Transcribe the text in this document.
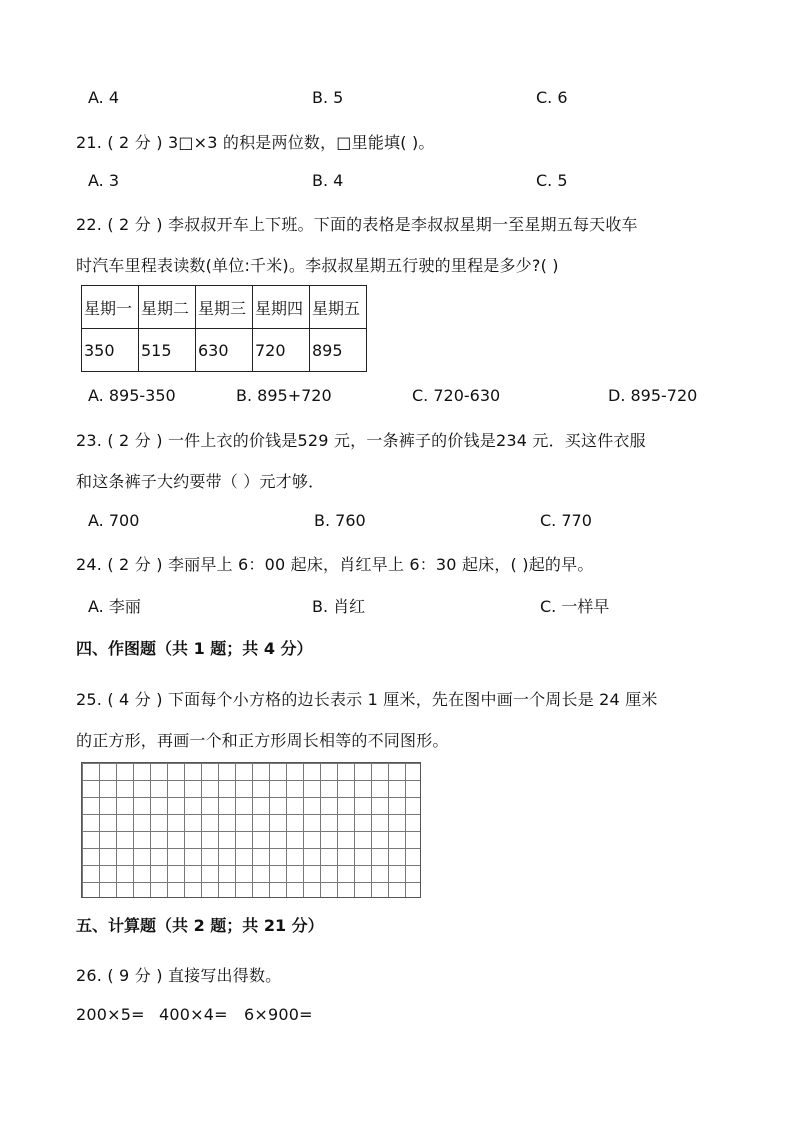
A. 4	B. 5	C. 6
21. ( 2 分 ) 3□×3 的积是两位数，□里能填( )。
A. 3	B. 4	C. 5
22. ( 2 分 ) 李叔叔开车上下班。下面的表格是李叔叔星期一至星期五每天收车
时汽车里程表读数(单位:千米)。李叔叔星期五行驶的里程是多少?( )
星期一	星期二	星期三	星期四	星期五
350	515	630	720	895
A. 895-350	B. 895+720	C. 720-630	D. 895-720
23. ( 2 分 ) 一件上衣的价钱是529 元，一条裤子的价钱是234 元．买这件衣服
和这条裤子大约要带（ ）元才够．
A. 700	B. 760	C. 770
24. ( 2 分 ) 李丽早上 6：00 起床，肖红早上 6：30 起床，( )起的早。
A. 李丽	B. 肖红	C. 一样早
四、作图题（共 1 题；共 4 分）
25. ( 4 分 ) 下面每个小方格的边长表示 1 厘米，先在图中画一个周长是 24 厘米
的正方形，再画一个和正方形周长相等的不同图形。
五、计算题（共 2 题；共 21 分）
26. ( 9 分 ) 直接写出得数。
200×5= 400×4= 6×900=
